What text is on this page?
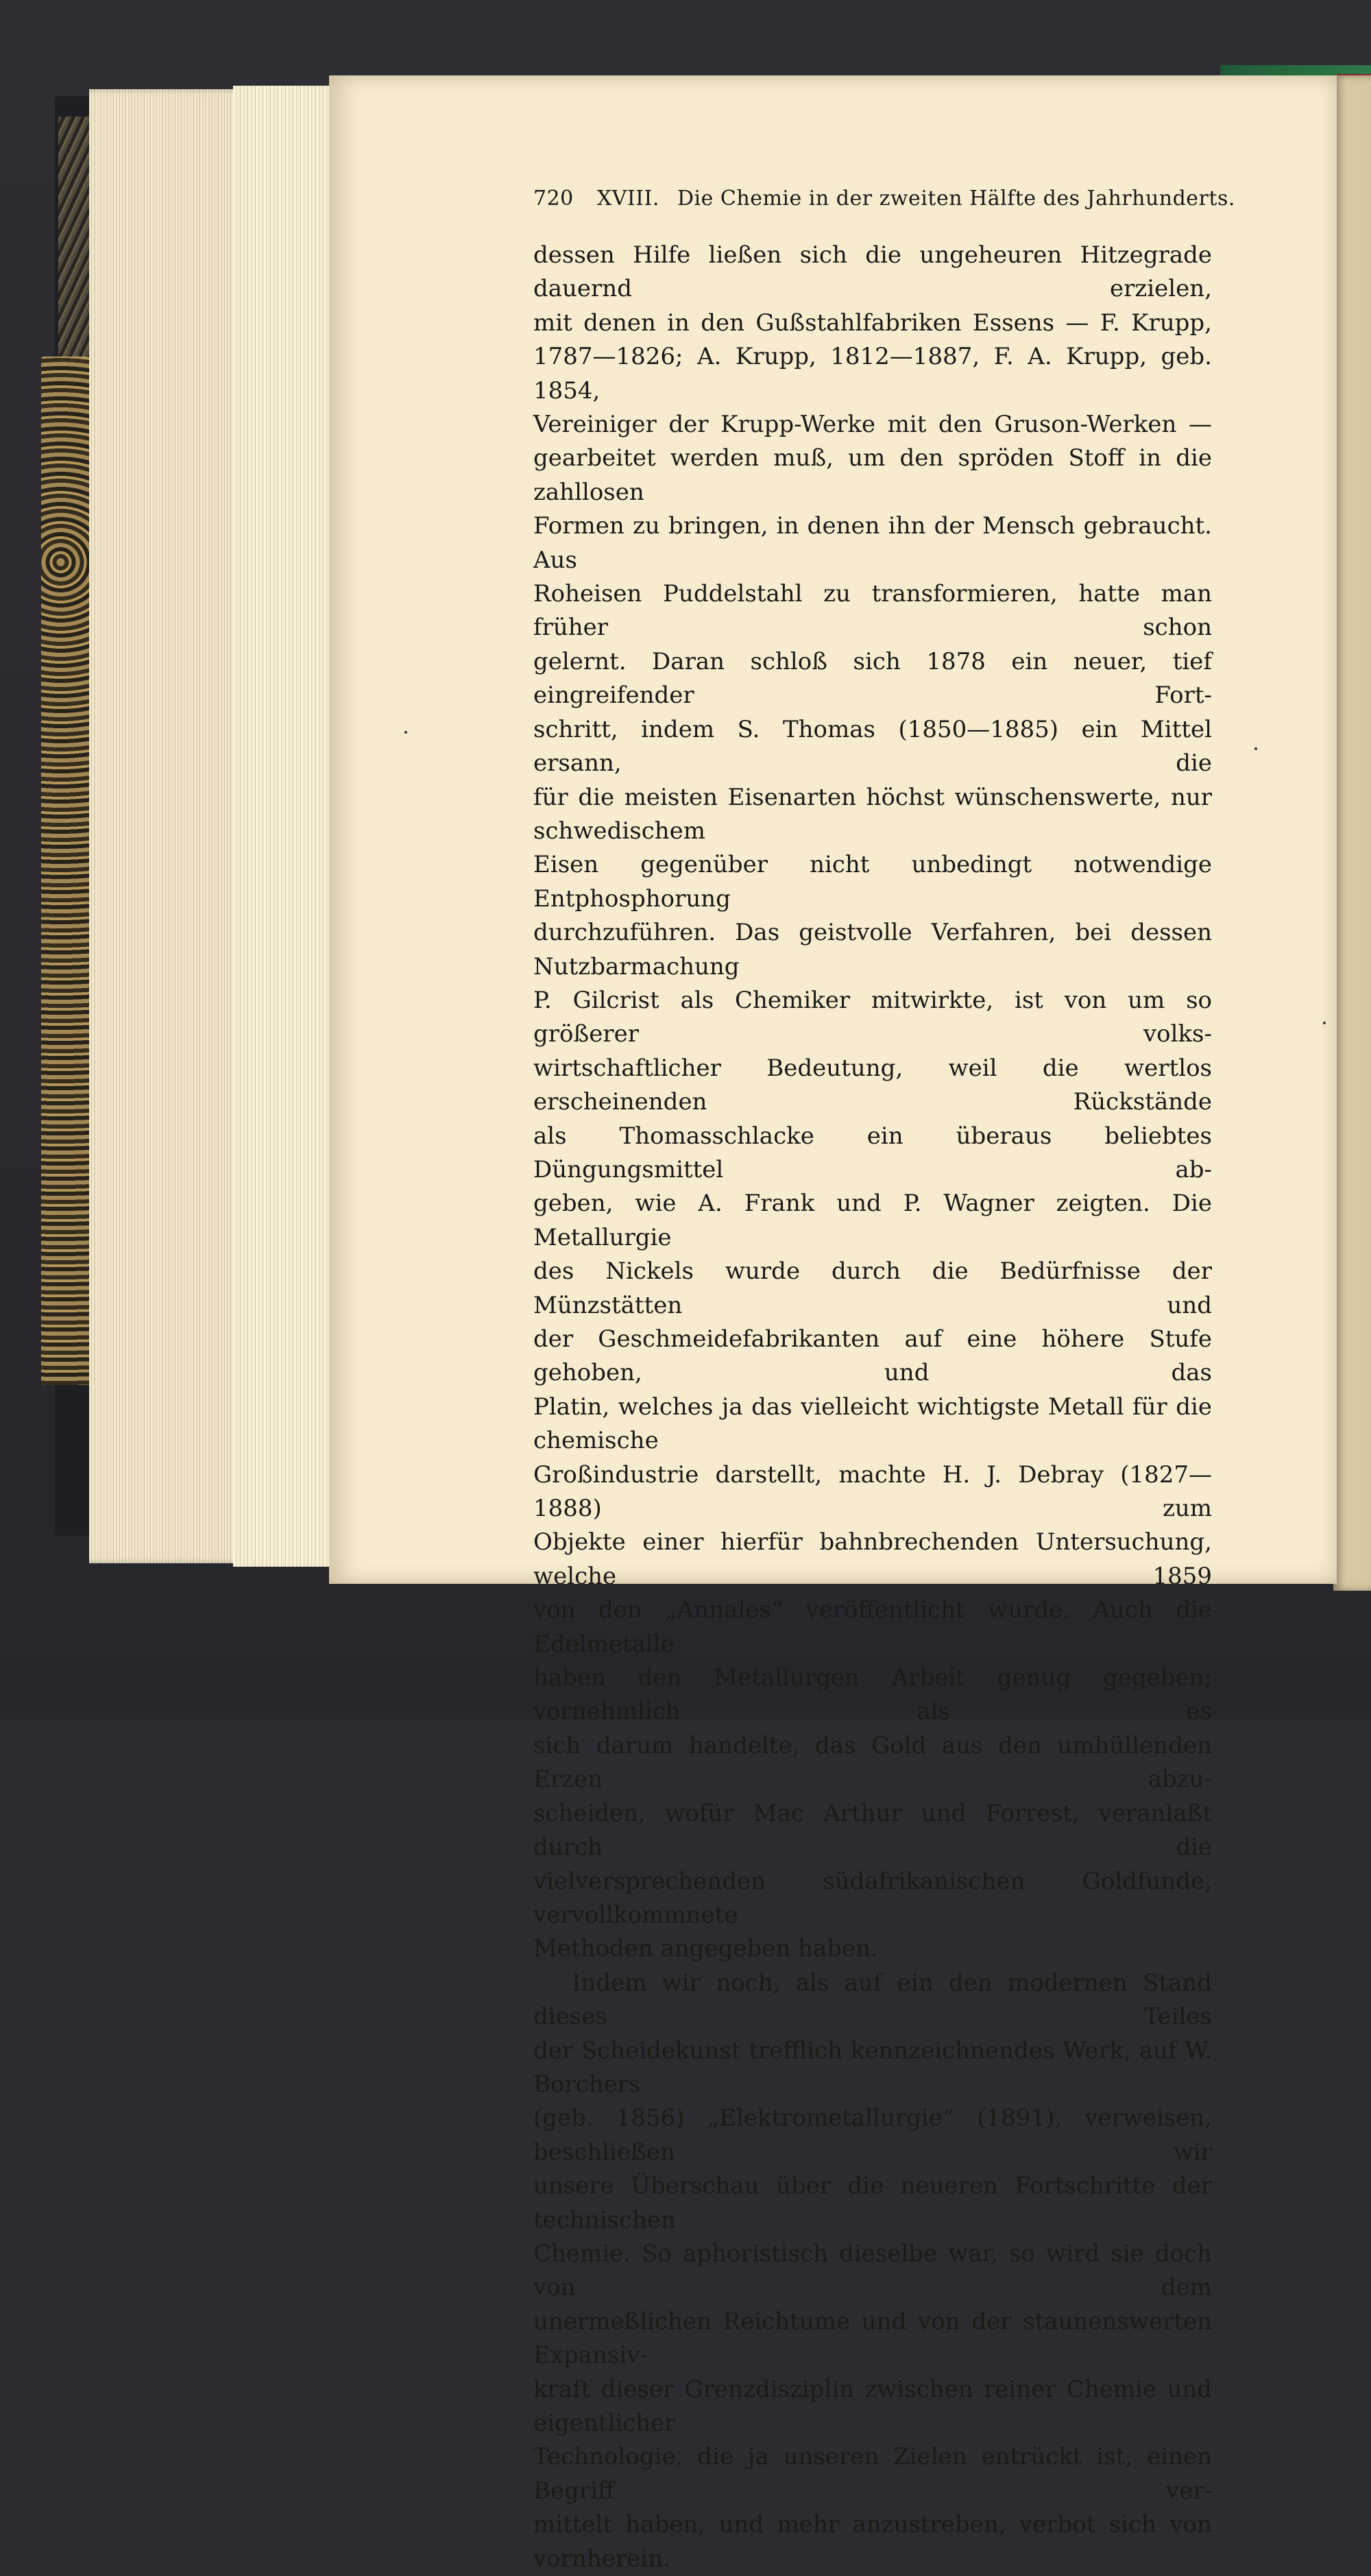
720 XVIII. Die Chemie in der zweiten Hälfte des Jahrhunderts.

dessen Hilfe ließen sich die ungeheuren Hitzegrade dauernd erzielen,

mit denen in den Gußstahlfabriken Essens — F. Krupp,

1787—1826; A. Krupp, 1812—1887, F. A. Krupp, geb. 1854,

Vereiniger der Krupp-Werke mit den Gruson-Werken —

gearbeitet werden muß, um den spröden Stoff in die zahllosen

Formen zu bringen, in denen ihn der Mensch gebraucht. Aus

Roheisen Puddelstahl zu transformieren, hatte man früher schon

gelernt. Daran schloß sich 1878 ein neuer, tief eingreifender Fort-

schritt, indem S. Thomas (1850—1885) ein Mittel ersann, die

für die meisten Eisenarten höchst wünschenswerte, nur schwedischem

Eisen gegenüber nicht unbedingt notwendige Entphosphorung

durchzuführen. Das geistvolle Verfahren, bei dessen Nutzbarmachung

P. Gilcrist als Chemiker mitwirkte, ist von um so größerer volks-

wirtschaftlicher Bedeutung, weil die wertlos erscheinenden Rückstände

als Thomasschlacke ein überaus beliebtes Düngungsmittel ab-

geben, wie A. Frank und P. Wagner zeigten. Die Metallurgie

des Nickels wurde durch die Bedürfnisse der Münzstätten und

der Geschmeidefabrikanten auf eine höhere Stufe gehoben, und das

Platin, welches ja das vielleicht wichtigste Metall für die chemische

Großindustrie darstellt, machte H. J. Debray (1827—1888) zum

Objekte einer hierfür bahnbrechenden Untersuchung, welche 1859

von den „Annales“ veröffentlicht wurde. Auch die Edelmetalle

haben den Metallurgen Arbeit genug gegeben; vornehmlich als es

sich darum handelte, das Gold aus den umhüllenden Erzen abzu-

scheiden, wofür Mac Arthur und Forrest, veranlaßt durch die

vielversprechenden südafrikanischen Goldfunde, vervollkommnete

Methoden angegeben haben.

Indem wir noch, als auf ein den modernen Stand dieses Teiles

der Scheidekunst trefflich kennzeichnendes Werk, auf W. Borchers

(geb. 1856) „Elektrometallurgie“ (1891), verweisen, beschließen wir

unsere Überschau über die neueren Fortschritte der technischen

Chemie. So aphoristisch dieselbe war, so wird sie doch von dem

unermeßlichen Reichtume und von der staunenswerten Expansiv-

kraft dieser Grenzdisziplin zwischen reiner Chemie und eigentlicher

Technologie, die ja unseren Zielen entrückt ist, einen Begriff ver-

mittelt haben, und mehr anzustreben, verbot sich von vornherein.
